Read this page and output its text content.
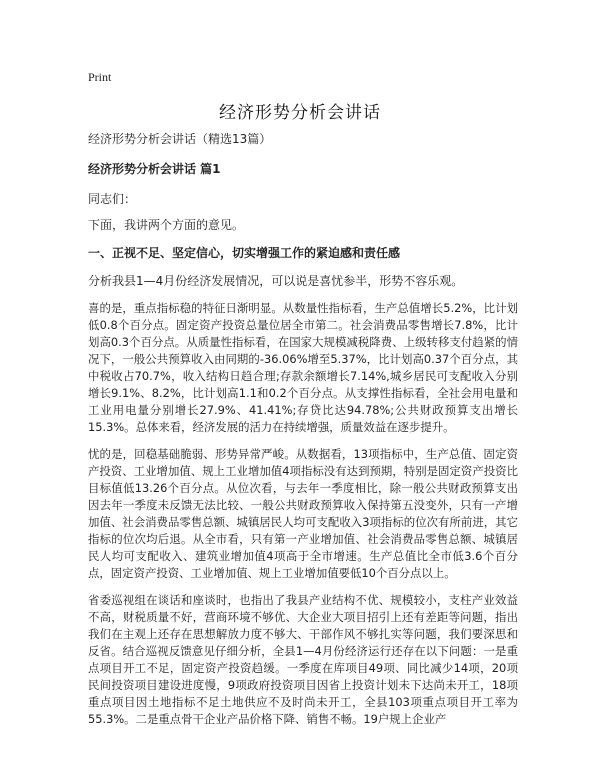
Print
经济形势分析会讲话

经济形势分析会讲话（精选13篇）

经济形势分析会讲话 篇1

同志们：

下面，我讲两个方面的意见。

一、正视不足、坚定信心，切实增强工作的紧迫感和责任感

分析我县1—4月份经济发展情况，可以说是喜忧参半，形势不容乐观。

喜的是，重点指标稳的特征日渐明显。从数量性指标看，生产总值增长5.2%，比计划低0.8个百分点。固定资产投资总量位居全市第二。社会消费品零售增长7.8%，比计划高0.3个百分点。从质量性指标看，在国家大规模减税降费、上级转移支付趋紧的情况下，一般公共预算收入由同期的-36.06%增至5.37%，比计划高0.37个百分点，其中税收占70.7%，收入结构日趋合理;存款余额增长7.14%,城乡居民可支配收入分别增长9.1%、8.2%，比计划高1.1和0.2个百分点。从支撑性指标看，全社会用电量和工业用电量分别增长27.9%、41.41%;存贷比达94.78%;公共财政预算支出增长15.3%。总体来看，经济发展的活力在持续增强，质量效益在逐步提升。

忧的是，回稳基础脆弱、形势异常严峻。从数据看，13项指标中，生产总值、固定资产投资、工业增加值、规上工业增加值4项指标没有达到预期，特别是固定资产投资比目标值低13.26个百分点。从位次看，与去年一季度相比，除一般公共财政预算支出因去年一季度未反馈无法比较、一般公共财政预算收入保持第五没变外，只有一产增加值、社会消费品零售总额、城镇居民人均可支配收入3项指标的位次有所前进，其它指标的位次均后退。从全市看，只有第一产业增加值、社会消费品零售总额、城镇居民人均可支配收入、建筑业增加值4项高于全市增速。生产总值比全市低3.6个百分点，固定资产投资、工业增加值、规上工业增加值要低10个百分点以上。

省委巡视组在谈话和座谈时，也指出了我县产业结构不优、规模较小，支柱产业效益不高，财税质量不好，营商环境不够优、大企业大项目招引上还有差距等问题，指出我们在主观上还存在思想解放力度不够大、干部作风不够扎实等问题，我们要深思和反省。结合巡视反馈意见仔细分析，全县1—4月份经济运行还存在以下问题：一是重点项目开工不足，固定资产投资趋缓。一季度在库项目49项、同比减少14项，20项民间投资项目建设进度慢，9项政府投资项目因省上投资计划未下达尚未开工，18项重点项目因土地指标不足土地供应不及时尚未开工，全县103项重点项目开工率为55.3%。二是重点骨干企业产品价格下降、销售不畅。19户规上企业产
